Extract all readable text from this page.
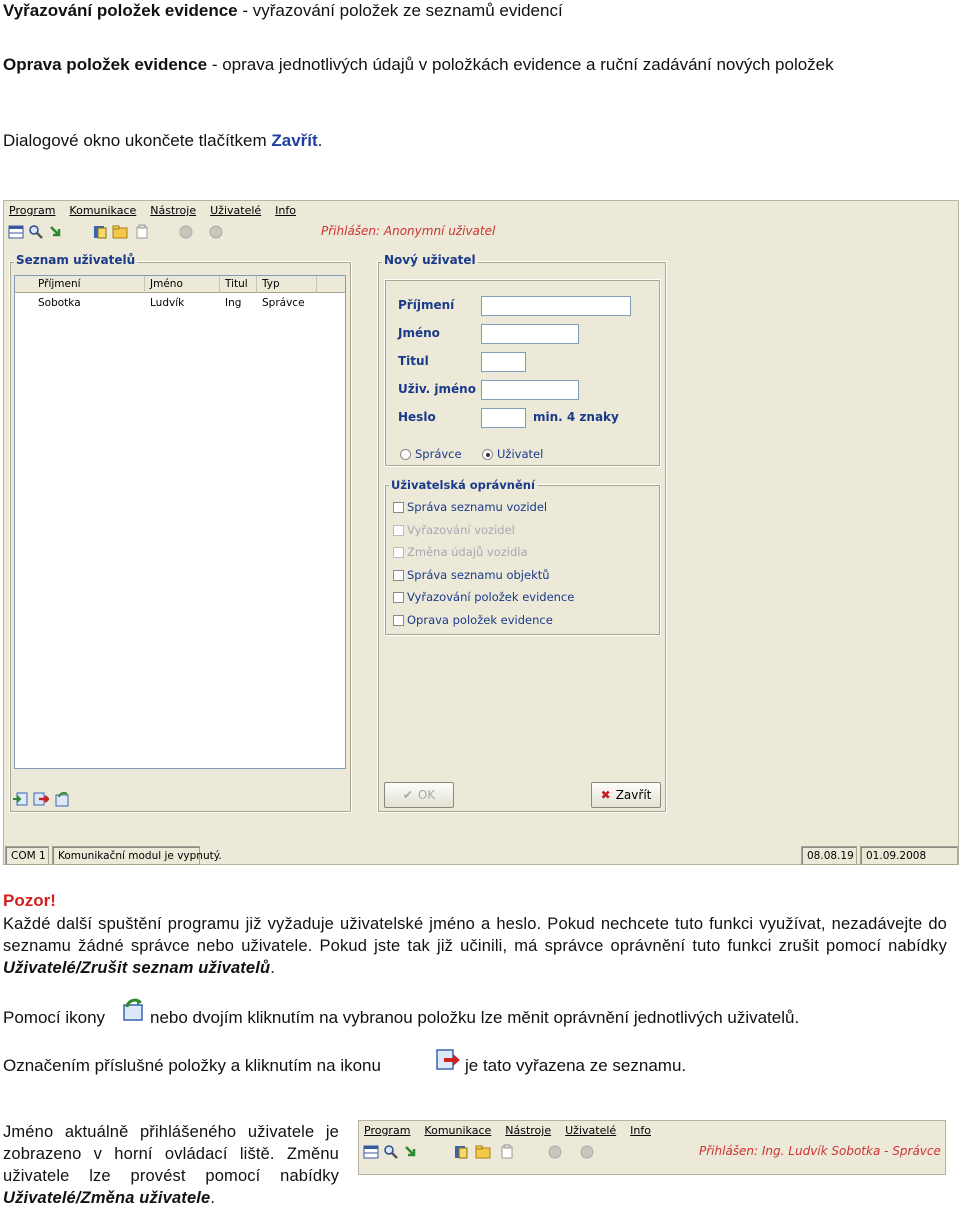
Vyřazování položek evidence - vyřazování položek ze seznamů evidencí
Oprava položek evidence - oprava jednotlivých údajů v položkách evidence a ruční zadávání nových položek
Dialogové okno ukončete tlačítkem Zavřít.
Program Komunikace Nástroje Uživatelé Info
Přihlášen: Anonymní uživatel
Seznam uživatelů
Příjmení	Jméno	Titul	Typ
Sobotka	Ludvík	Ing Správce
Nový uživatel
Příjmení
Jméno
Titul
Uživ. jméno
Heslo	min. 4 znaky
Správce	Uživatel
Uživatelská oprávnění
Správa seznamu vozidel
Vyřazování vozidel
Změna údajů vozidla
Správa seznamu objektů
Vyřazování položek evidence
Oprava položek evidence
✔ OK	✖ Zavřít
COM 1	Komunikační modul je vypnutý.	08.08.19	01.09.2008
Pozor!
Každé další spuštění programu již vyžaduje uživatelské jméno a heslo. Pokud nechcete tuto funkci využívat, nezadávejte do seznamu žádné správce nebo uživatele. Pokud jste tak již učinili, má správce oprávnění tuto funkci zrušit pomocí nabídky Uživatelé/Zrušit seznam uživatelů.
Pomocí ikony	nebo dvojím kliknutím na vybranou položku lze měnit oprávnění jednotlivých uživatelů.
Označením příslušné položky a kliknutím na ikonu	je tato vyřazena ze seznamu.
Jméno aktuálně přihlášeného uživatele je zobrazeno v horní ovládací liště. Změnu uživatele lze provést pomocí nabídky Uživatelé/Změna uživatele.
Program Komunikace Nástroje Uživatelé Info
Přihlášen: Ing. Ludvík Sobotka - Správce
